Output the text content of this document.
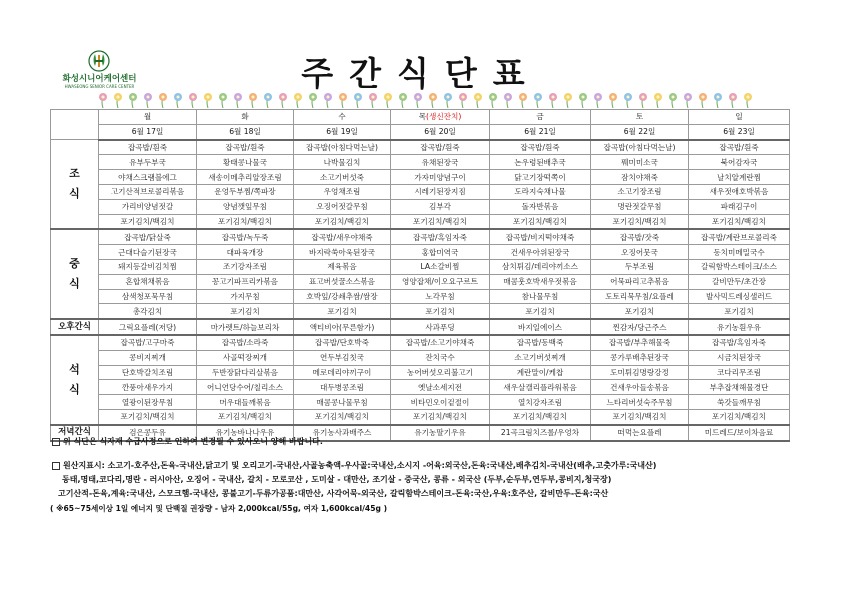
화성시니어케어센터
HWASEONG SENIOR CARE CENTER	주간식단표
	월	화	수	목(생신잔치)	금	토	일
	6월 17일	6월 18일	6월 19일	6월 20일	6월 21일	6월 22일	6월 23일
조식	잡곡밥/흰죽	잡곡밥/흰죽	잡곡밥(아침다먹는날)	잡곡밥/흰죽	잡곡밥/흰죽	잡곡밥(아침다먹는날)	잡곡밥/흰죽
	유부두부국	황태콩나물국	나박물김치	유채된장국	논우렁된배추국	뭬미미소국	북어감자국
	야채스크램블에그	새송이메추리알장조림	소고기버섯죽	가자미양념구이	닭고기장떡쪽이	잠치야채죽	날치알계란찜
	고기산적브로콜리볶음	운엉두부찜/쪽파장	우엉채조림	시레기된장지짐	도라지숙채나물	소고기장조림	새우젓애호박볶음
	가리비양념젓갈	양념깻잎무침	오징어젓갈무침	김부각	돌자반볶음	명란젓갈무침	파래김구이
	포기김치/백김치	포기김치/백김치	포기김치/백김치	포기김치/백김치	포기김치/백김치	포기김치/백김치	포기김치/백김치
중식	잡곡밥/닭살죽	잡곡밥/녹두죽	잡곡밥/새우야채죽	잡곡밥/흑임자죽	잡곡밥/비지떡야채죽	잡곡밥/잣죽	잡곡밥/계란브로콜리죽
	근대다슬기된장국	대파육개장	바지락쑥아욱된장국	홍합미역국	건새우아위된장국	오징어뭇국	동치미메밀국수
	돼지등갈비김치찜	조기강자조림	제육볶음	LA소갈비찜	삼치튀김/데리야끼소스	두부조림	갈릭함박스테이크/소스
	혼합채채볶음	꽁고기파프리카볶음	표고버섯꿀소스볶음	영양잡채/이오요구르트	매콤훗호박새우젓볶음	어묵파리고추볶음	갈비만두/초간장
	삼색청포묵무침	가지무침	호박잎/강쇄추쌈/쌈장	노각무침	참나물무침	도토리묵무침/요플레	발사믹드레싱샐러드
	총각김치	포기김치	포기김치	포기김치	포기김치	포기김치	포기김치
오후간식	그릭요플레(저당)	마가렛트/하늘보리차	액티비아(무른함가)	사과푸딩	바지일에이스	찐감자/당근주스	유기농흰우유
석식	잡곡밥/고구마죽	잡곡밥/소라죽	잡곡밥/단호박죽	잡곡밥/소고기야채죽	잡곡밥/동백죽	잡곡밥/부추해물죽	잡곡밥/흑임자죽
	콩비지찌개	사골떡장찌개	연두부김칫국	잔치국수	소고기버섯찌개	콩가루배추된장국	시금치된장국
	단호박갈치조림	두반장닭다리살볶음	메로데리야끼구이	농어버섯오리불고기	계란말이/케찹	도미튀김명랑강정	코다리무조림
	깐풍아새우가지	어니언당수어/칠리소스	대두병콩조림	옛날소세지전	새우살캘리플라워볶음	건새우아들송볶음	부추잡채해물경단
	열광이된장무침	머우대들깨볶음	매콤콩나물무침	비타민오이겉절이	열치강자조림	느타리버섯숙주무침	쑥갓들깨무침
	포기김치/백김치	포기김치/백김치	포기김치/백김치	포기김치/백김치	포기김치/백김치	포기김치/백김치	포기김치/백김치
저녁간식	검은콩두유	유기농바나나우유	유기농사과배주스	유기농딸기우유	21곡크림치즈롤/우엉차	떠먹는요플레	미드레드/보이차음료
위 식단은 식자재 수급사정으로 인하여 변경될 수 있사오니 양해 바랍니다.
원산지표시: 소고기-호주산,돈육-국내산,닭고기 및 오리고기-국내산,사골농축액-우사골:국내산,소시지 -어육:외국산,돈육:국내산,배추김치-국내산(배추,고춧가루:국내산)
동태,명태,코다리,명란 - 러시아산, 오징어 - 국내산, 갈치 - 모로코산 , 도미살 - 대만산, 조기살 - 중국산, 콩류 - 외국산 (두부,순두부,연두부,콩비지,청국장)
고기산적-돈육,계육:국내산, 스모크햄-국내산, 콩불고기-두류가공품:대만산, 사각어묵-외국산, 갈릭함박스테이크-돈육:국산,우육:호주산, 갈비만두-돈육:국산
( ※65~75세이상 1일 에너지 및 단백질 권장량 - 남자 2,000kcal/55g, 여자 1,600kcal/45g )
